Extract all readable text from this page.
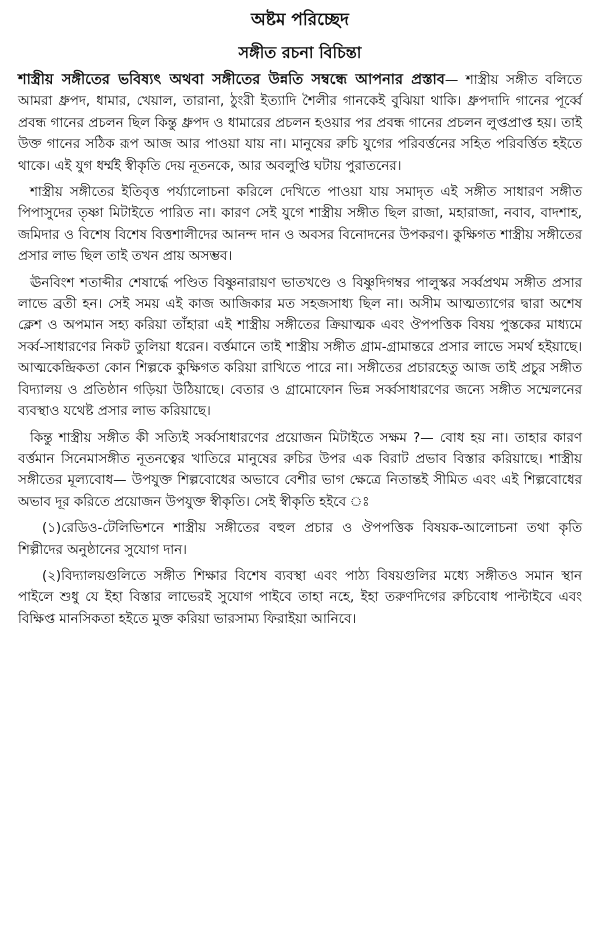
অষ্টম পরিচ্ছেদ
সঙ্গীত রচনা বিচিন্তা

শাস্ত্রীয় সঙ্গীতের ভবিষ্যৎ অথবা সঙ্গীতের উন্নতি সম্বন্ধে আপনার প্রস্তাব— শাস্ত্রীয় সঙ্গীত বলিতে আমরা ধ্রুপদ, ধামার, খেয়াল, তারানা, ঠুংরী ইত্যাদি শৈলীর গানকেই বুঝিয়া থাকি। ধ্রুপদাদি গানের পূর্ব্বে প্রবন্ধ গানের প্রচলন ছিল কিন্তু ধ্রুপদ ও ধামারের প্রচলন হওয়ার পর প্রবন্ধ গানের প্রচলন লুপ্তপ্রাপ্ত হয়। তাই উক্ত গানের সঠিক রূপ আজ আর পাওয়া যায় না। মানুষের রুচি যুগের পরিবর্ত্তনের সহিত পরিবর্ত্তিত হইতে থাকে। এই যুগ ধর্ম্মই স্বীকৃতি দেয় নূতনকে, আর অবলুপ্তি ঘটায় পুরাতনের।

শাস্ত্রীয় সঙ্গীতের ইতিবৃত্ত পর্য্যালোচনা করিলে দেখিতে পাওয়া যায় সমাদৃত এই সঙ্গীত সাধারণ সঙ্গীত পিপাসুদের তৃষ্ণা মিটাইতে পারিত না। কারণ সেই যুগে শাস্ত্রীয় সঙ্গীত ছিল রাজা, মহারাজা, নবাব, বাদশাহ, জমিদার ও বিশেষ বিশেষ বিত্তশালীদের আনন্দ দান ও অবসর বিনোদনের উপকরণ। কুক্ষিগত শাস্ত্রীয় সঙ্গীতের প্রসার লাভ ছিল তাই তখন প্রায় অসম্ভব।

ঊনবিংশ শতাব্দীর শেষার্দ্ধে পণ্ডিত বিষ্ণুনারায়ণ ভাতখণ্ডে ও বিষ্ণুদিগম্বর পালুস্কর সর্ব্বপ্রথম সঙ্গীত প্রসার লাভে ব্রতী হন। সেই সময় এই কাজ আজিকার মত সহজসাধ্য ছিল না। অসীম আত্মত্যাগের দ্বারা অশেষ ক্লেশ ও অপমান সহ্য করিয়া তাঁহারা এই শাস্ত্রীয় সঙ্গীতের ক্রিয়াত্মক এবং ঔপপত্তিক বিষয় পুস্তকের মাধ্যমে সর্ব্ব-সাধারণের নিকট তুলিয়া ধরেন। বর্ত্তমানে তাই শাস্ত্রীয় সঙ্গীত গ্রাম-গ্রামান্তরে প্রসার লাভে সমর্থ হইয়াছে। আত্মকেন্দ্রিকতা কোন শিল্পকে কুক্ষিগত করিয়া রাখিতে পারে না। সঙ্গীতের প্রচারহেতু আজ তাই প্রচুর সঙ্গীত বিদ্যালয় ও প্রতিষ্ঠান গড়িয়া উঠিয়াছে। বেতার ও গ্রামোফোন ভিন্ন সর্ব্বসাধারণের জন্যে সঙ্গীত সম্মেলনের ব্যবস্থাও যথেষ্ট প্রসার লাভ করিয়াছে।

কিন্তু শাস্ত্রীয় সঙ্গীত কী সত্যিই সর্ব্বসাধারণের প্রয়োজন মিটাইতে সক্ষম ?— বোধ হয় না। তাহার কারণ বর্ত্তমান সিনেমাসঙ্গীত নূতনত্বের খাতিরে মানুষের রুচির উপর এক বিরাট প্রভাব বিস্তার করিয়াছে। শাস্ত্রীয় সঙ্গীতের মূল্যবোধ— উপযুক্ত শিল্পবোধের অভাবে বেশীর ভাগ ক্ষেত্রে নিতান্তই সীমিত এবং এই শিল্পবোধের অভাব দূর করিতে প্রয়োজন উপযুক্ত স্বীকৃতি। সেই স্বীকৃতি হইবে ঃ

(১)রেডিও-টেলিভিশনে শাস্ত্রীয় সঙ্গীতের বহুল প্রচার ও ঔপপত্তিক বিষয়ক-আলোচনা তথা কৃতি শিল্পীদের অনুষ্ঠানের সুযোগ দান।

(২)বিদ্যালয়গুলিতে সঙ্গীত শিক্ষার বিশেষ ব্যবস্থা এবং পাঠ্য বিষয়গুলির মধ্যে সঙ্গীতও সমান স্থান পাইলে শুধু যে ইহা বিস্তার লাভেরই সুযোগ পাইবে তাহা নহে, ইহা তরুণদিগের রুচিবোধ পাল্টাইবে এবং বিক্ষিপ্ত মানসিকতা হইতে মুক্ত করিয়া ভারসাম্য ফিরাইয়া আনিবে।
